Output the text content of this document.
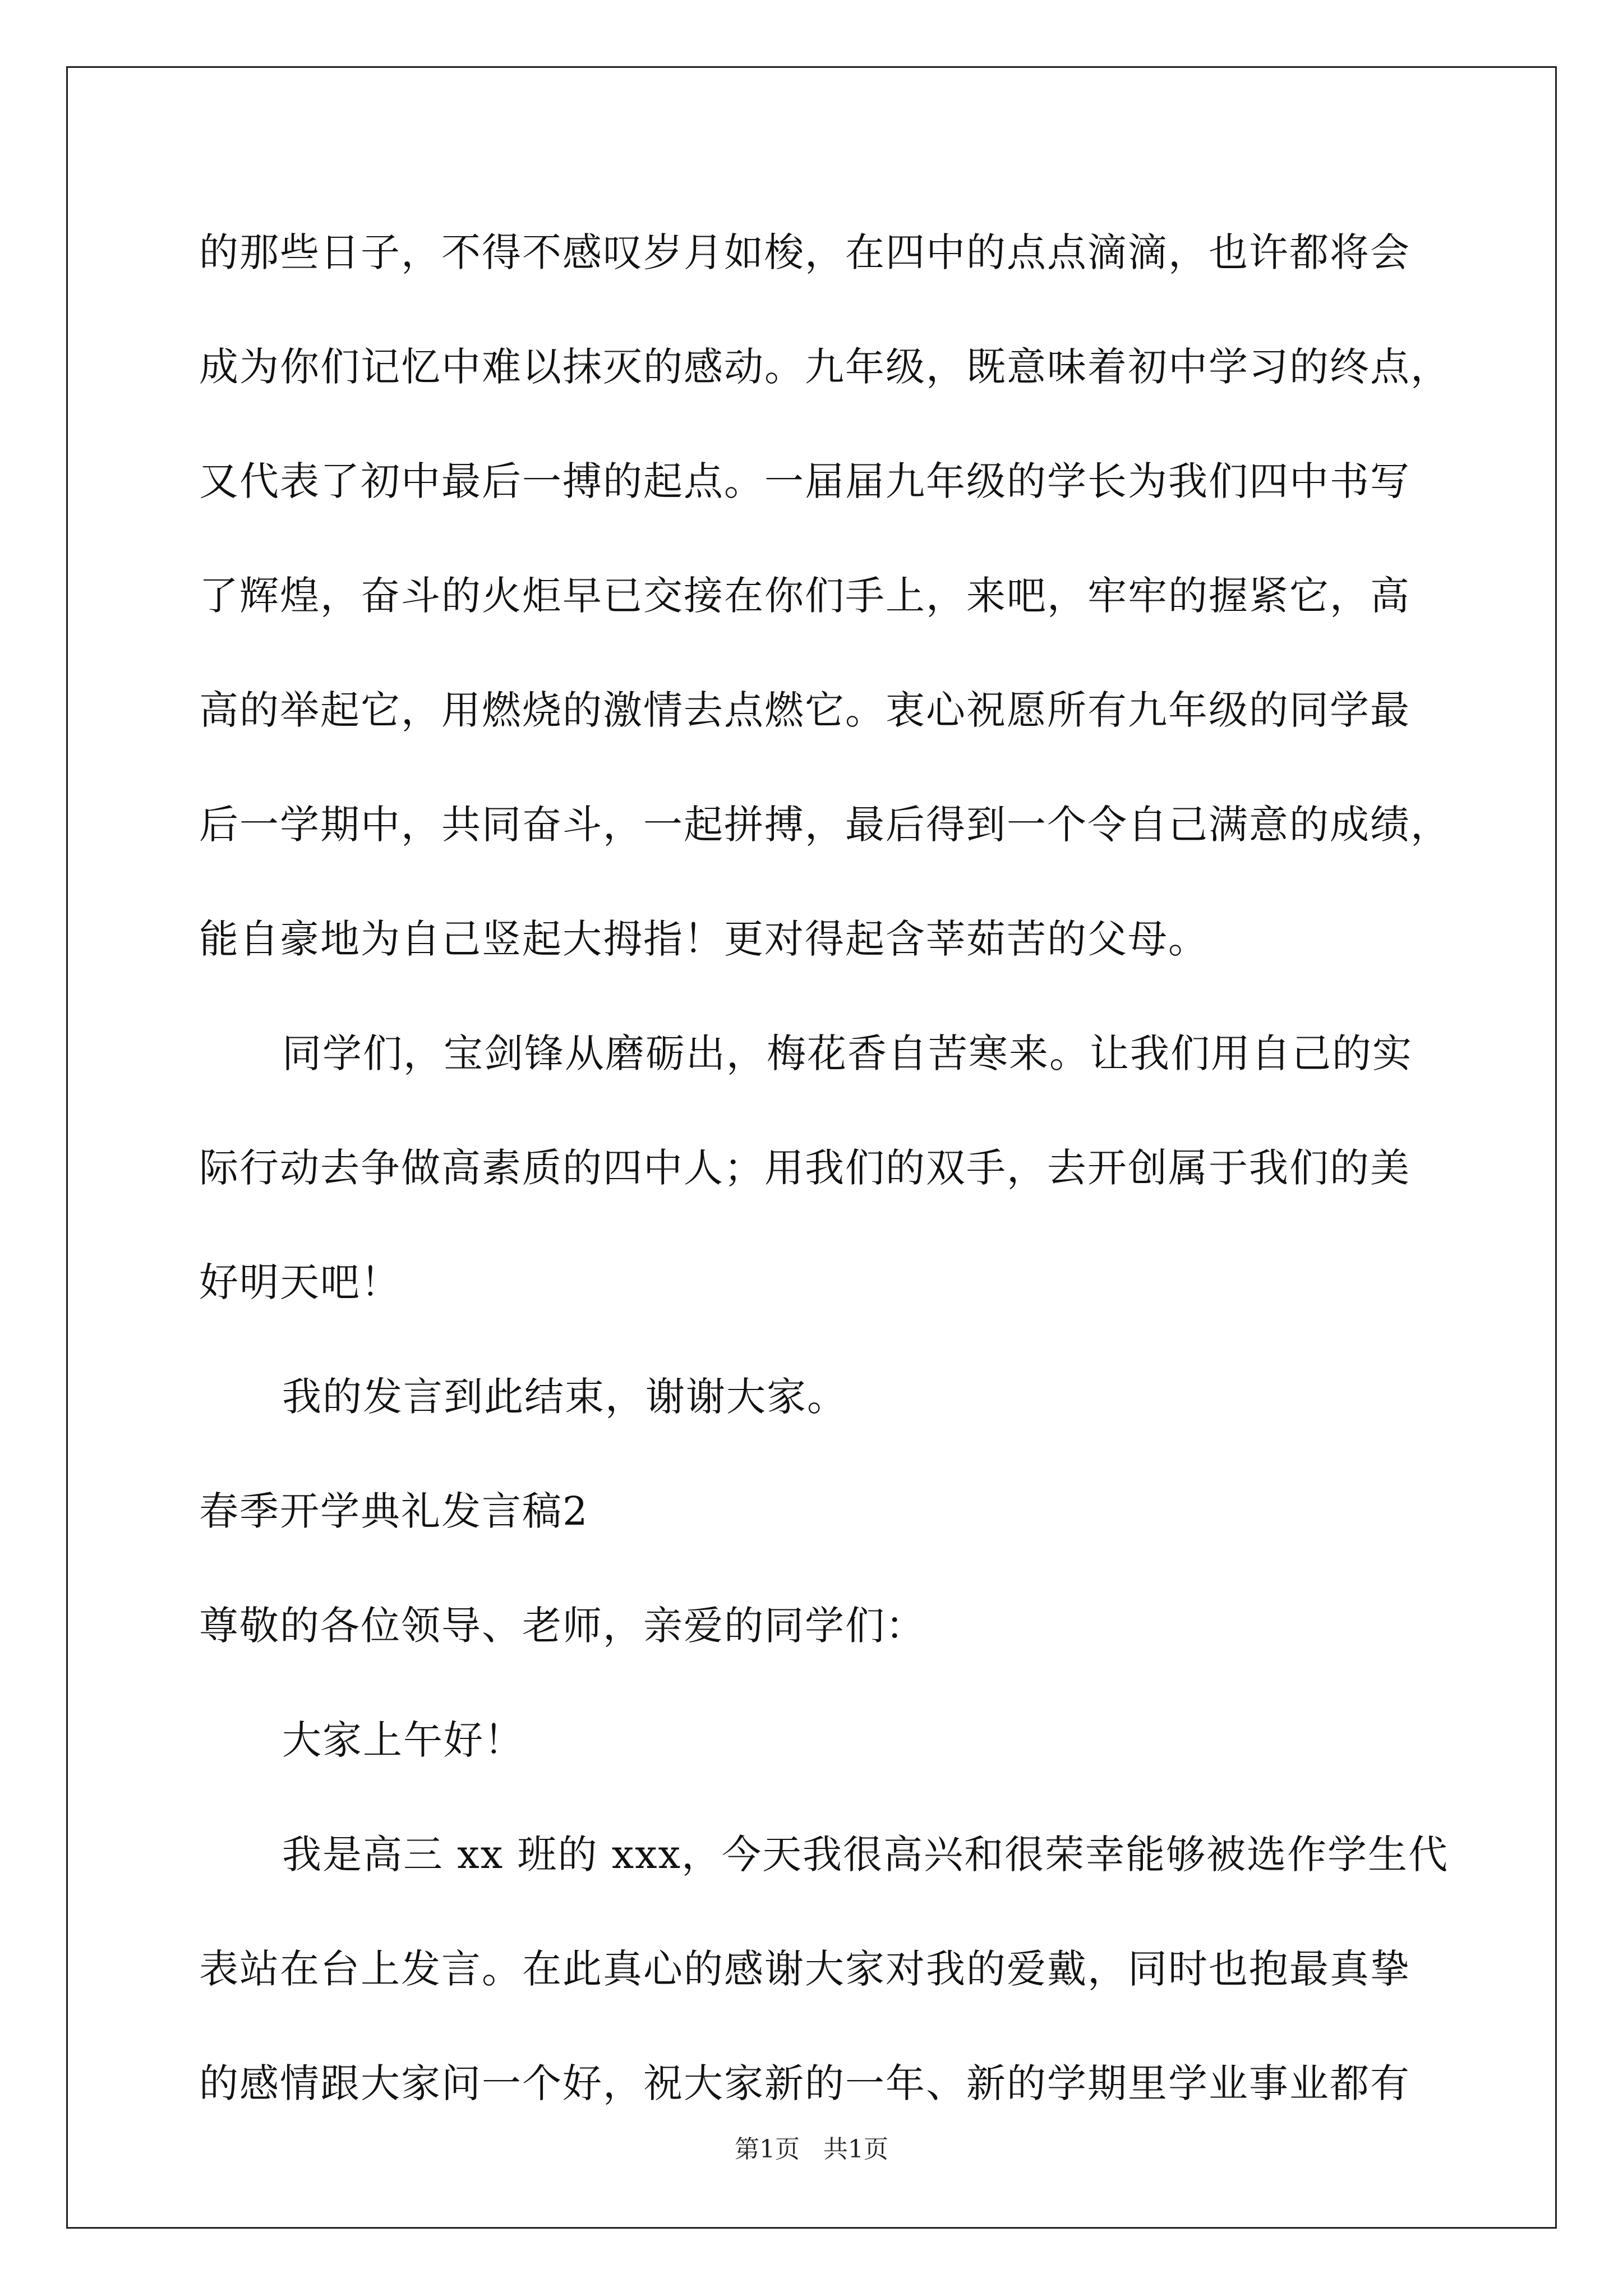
的那些日子，不得不感叹岁月如梭，在四中的点点滴滴，也许都将会
成为你们记忆中难以抹灭的感动。九年级，既意味着初中学习的终点，
又代表了初中最后一搏的起点。一届届九年级的学长为我们四中书写
了辉煌，奋斗的火炬早已交接在你们手上，来吧，牢牢的握紧它，高
高的举起它，用燃烧的激情去点燃它。衷心祝愿所有九年级的同学最
后一学期中，共同奋斗，一起拼搏，最后得到一个令自己满意的成绩，
能自豪地为自己竖起大拇指！更对得起含莘茹苦的父母。
同学们，宝剑锋从磨砺出，梅花香自苦寒来。让我们用自己的实
际行动去争做高素质的四中人；用我们的双手，去开创属于我们的美
好明天吧！
我的发言到此结束，谢谢大家。
春季开学典礼发言稿2
尊敬的各位领导、老师，亲爱的同学们：
大家上午好！
我是高三 xx 班的 xxx，今天我很高兴和很荣幸能够被选作学生代
表站在台上发言。在此真心的感谢大家对我的爱戴，同时也抱最真挚
的感情跟大家问一个好，祝大家新的一年、新的学期里学业事业都有
第1页 共1页
